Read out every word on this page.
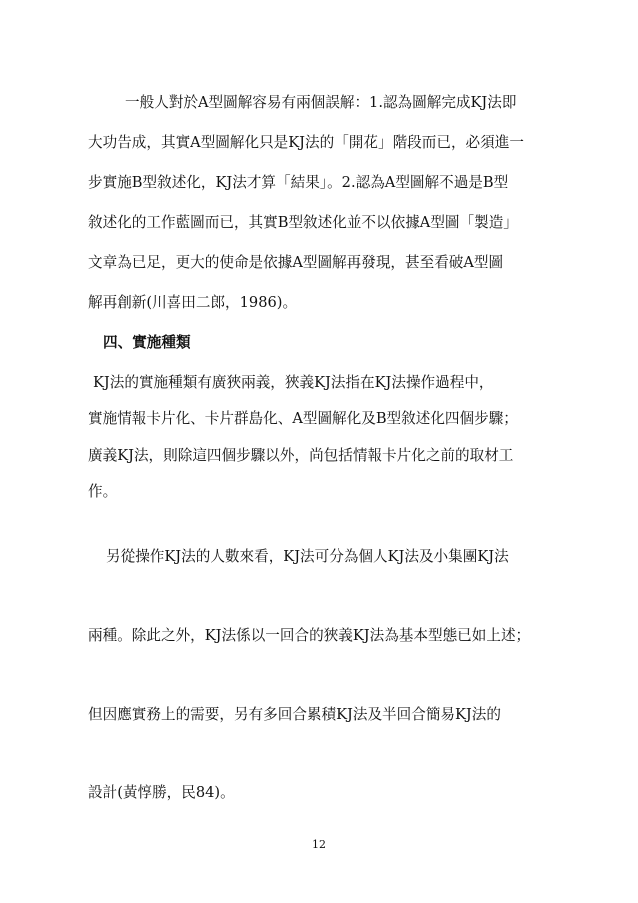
一般人對於A型圖解容易有兩個誤解：1.認為圖解完成KJ法即

大功告成，其實A型圖解化只是KJ法的「開花」階段而已，必須進一

步實施B型敘述化，KJ法才算「結果」。2.認為A型圖解不過是B型

敘述化的工作藍圖而已，其實B型敘述化並不以依據A型圖「製造」

文章為已足，更大的使命是依據A型圖解再發現，甚至看破A型圖

解再創新(川喜田二郎，1986)。

四、實施種類

KJ法的實施種類有廣狹兩義，狹義KJ法指在KJ法操作過程中，

實施情報卡片化、卡片群島化、A型圖解化及B型敘述化四個步驟；

廣義KJ法，則除這四個步驟以外，尚包括情報卡片化之前的取材工

作。

另從操作KJ法的人數來看，KJ法可分為個人KJ法及小集團KJ法

兩種。除此之外，KJ法係以一回合的狹義KJ法為基本型態已如上述；

但因應實務上的需要，另有多回合累積KJ法及半回合簡易KJ法的

設計(黃惇勝，民84)。

12
